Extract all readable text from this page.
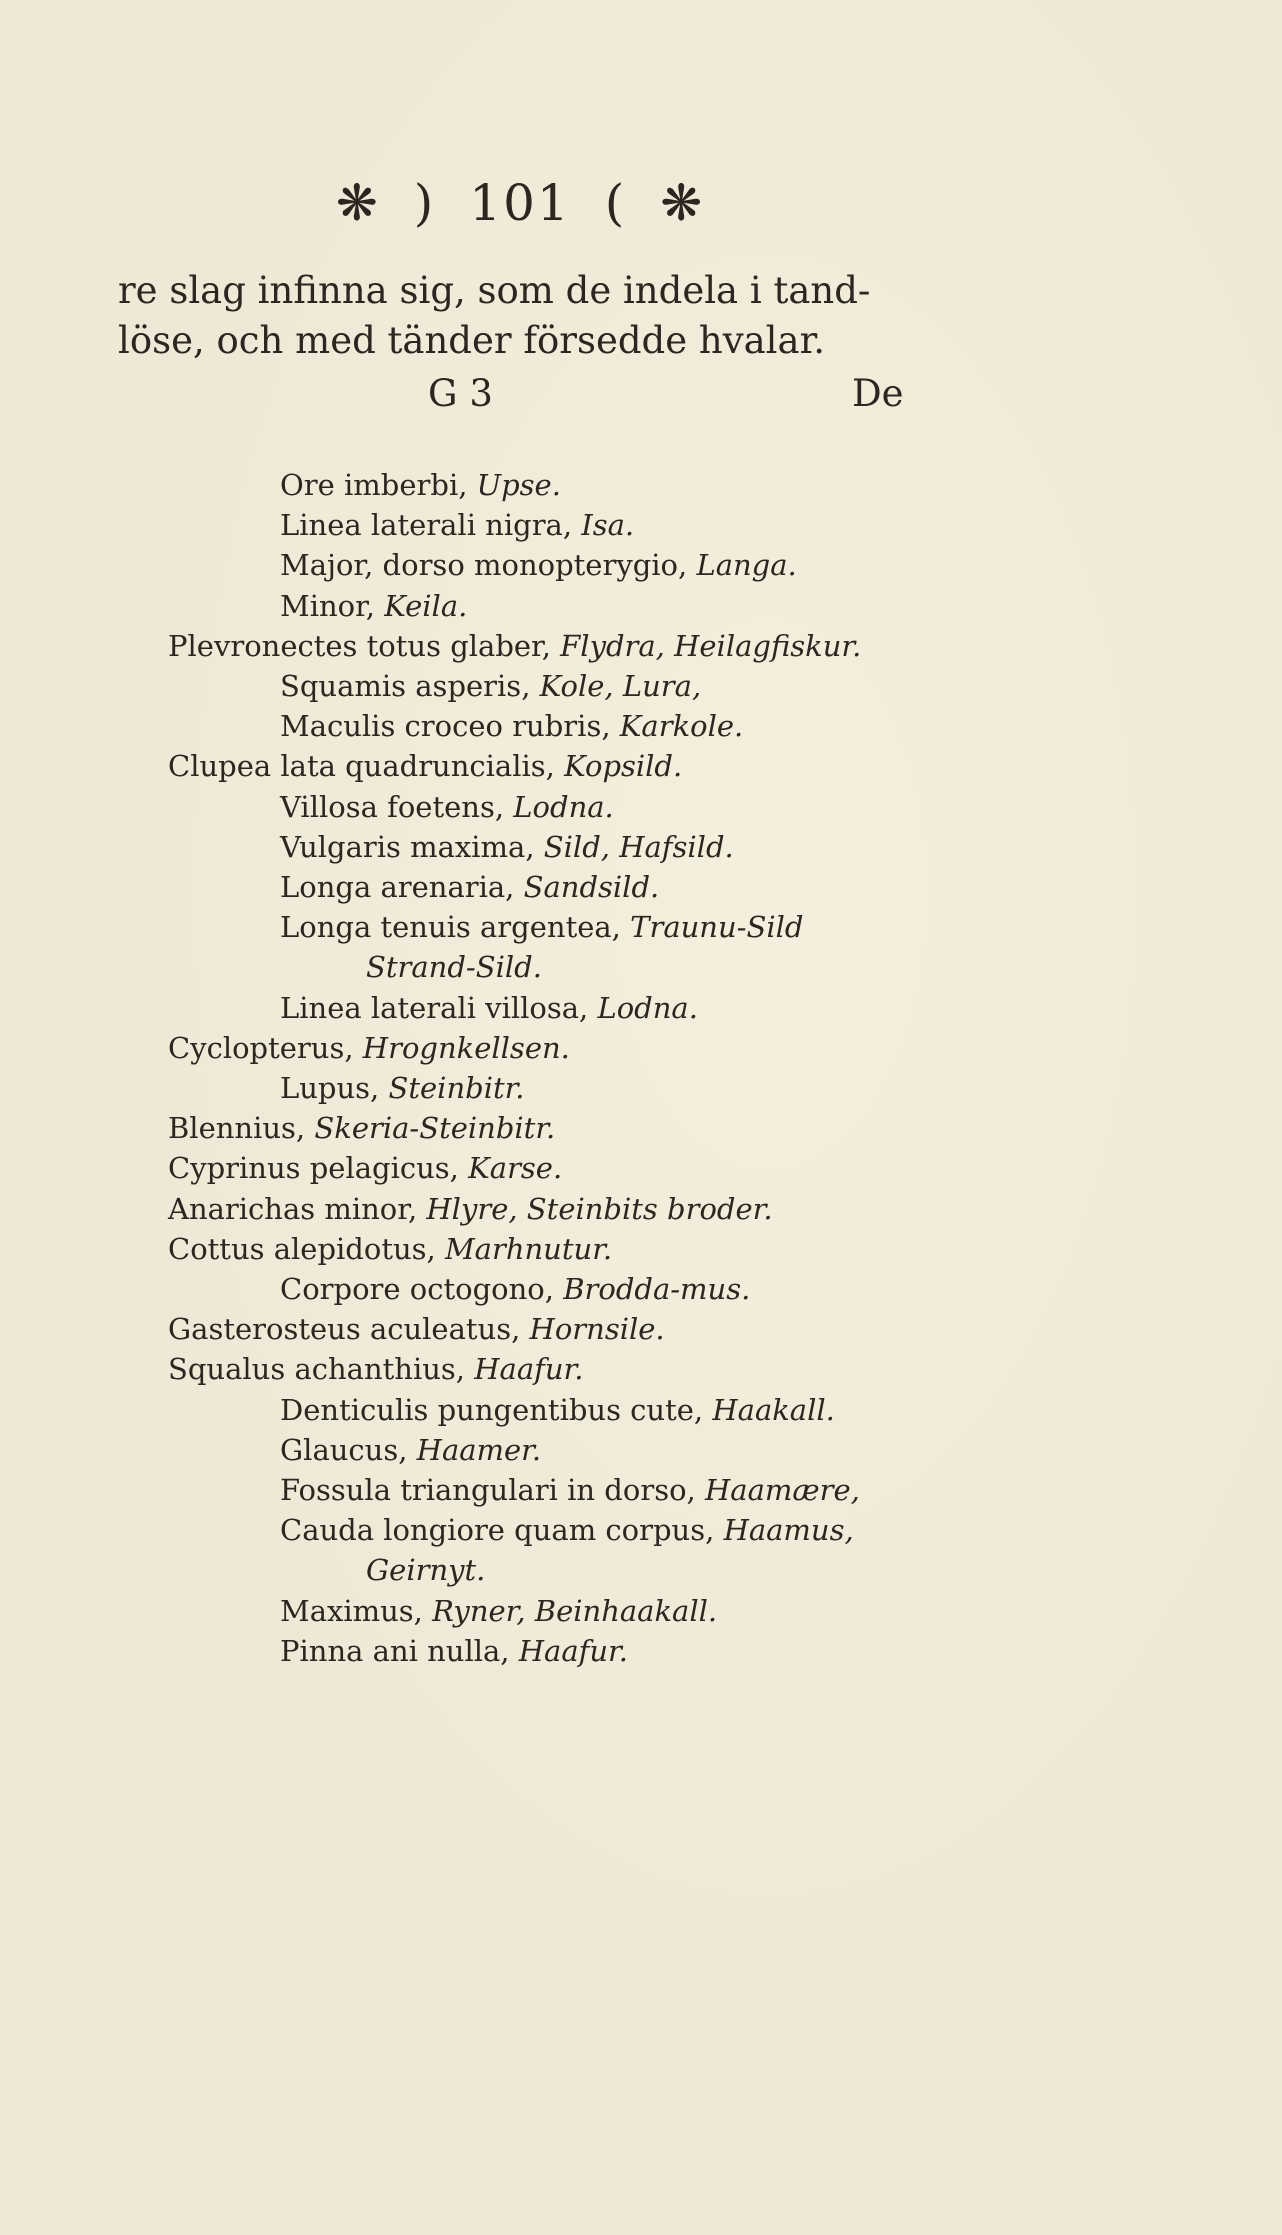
❋ ) 101 ( ❋
re slag infinna sig, som de indela i tand-
löse, och med tänder försedde hvalar.
G 3	De
Ore imberbi, Upse.
Linea laterali nigra, Isa.
Major, dorso monopterygio, Langa.
Minor, Keila.
Plevronectes totus glaber, Flydra, Heilagfiskur.
Squamis asperis, Kole, Lura,
Maculis croceo rubris, Karkole.
Clupea lata quadruncialis, Kopsild.
Villosa foetens, Lodna.
Vulgaris maxima, Sild, Hafsild.
Longa arenaria, Sandsild.
Longa tenuis argentea, Traunu-Sild
Strand-Sild.
Linea laterali villosa, Lodna.
Cyclopterus, Hrognkellsen.
Lupus, Steinbitr.
Blennius, Skeria-Steinbitr.
Cyprinus pelagicus, Karse.
Anarichas minor, Hlyre, Steinbits broder.
Cottus alepidotus, Marhnutur.
Corpore octogono, Brodda-mus.
Gasterosteus aculeatus, Hornsile.
Squalus achanthius, Haafur.
Denticulis pungentibus cute, Haakall.
Glaucus, Haamer.
Fossula triangulari in dorso, Haamære,
Cauda longiore quam corpus, Haamus,
Geirnyt.
Maximus, Ryner, Beinhaakall.
Pinna ani nulla, Haafur.
